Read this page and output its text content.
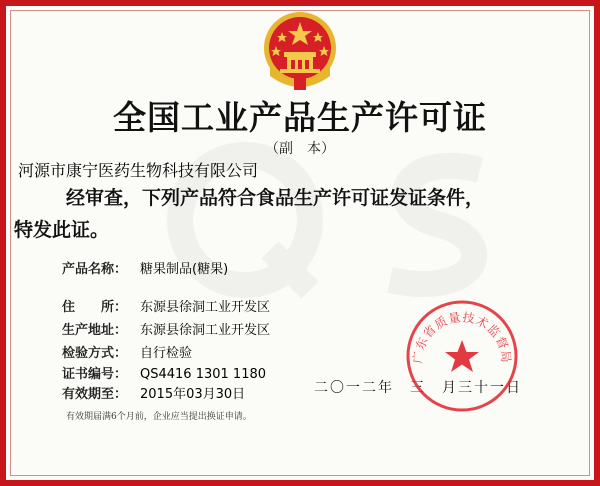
全国工业产品生产许可证
（副　本）
河源市康宁医药生物科技有限公司
经审查，下列产品符合食品生产许可证发证条件，
特发此证。
产品名称： 糖果制品(糖果)
住　　所： 东源县徐洞工业开发区
生产地址： 东源县徐洞工业开发区
检验方式： 自行检验
证书编号： QS4416 1301 1180
有效期至： 2015年03月30日	二〇一二年　三　月三十一日
广东省质量技术监督局
有效期届满6个月前，企业应当提出换证申请。
